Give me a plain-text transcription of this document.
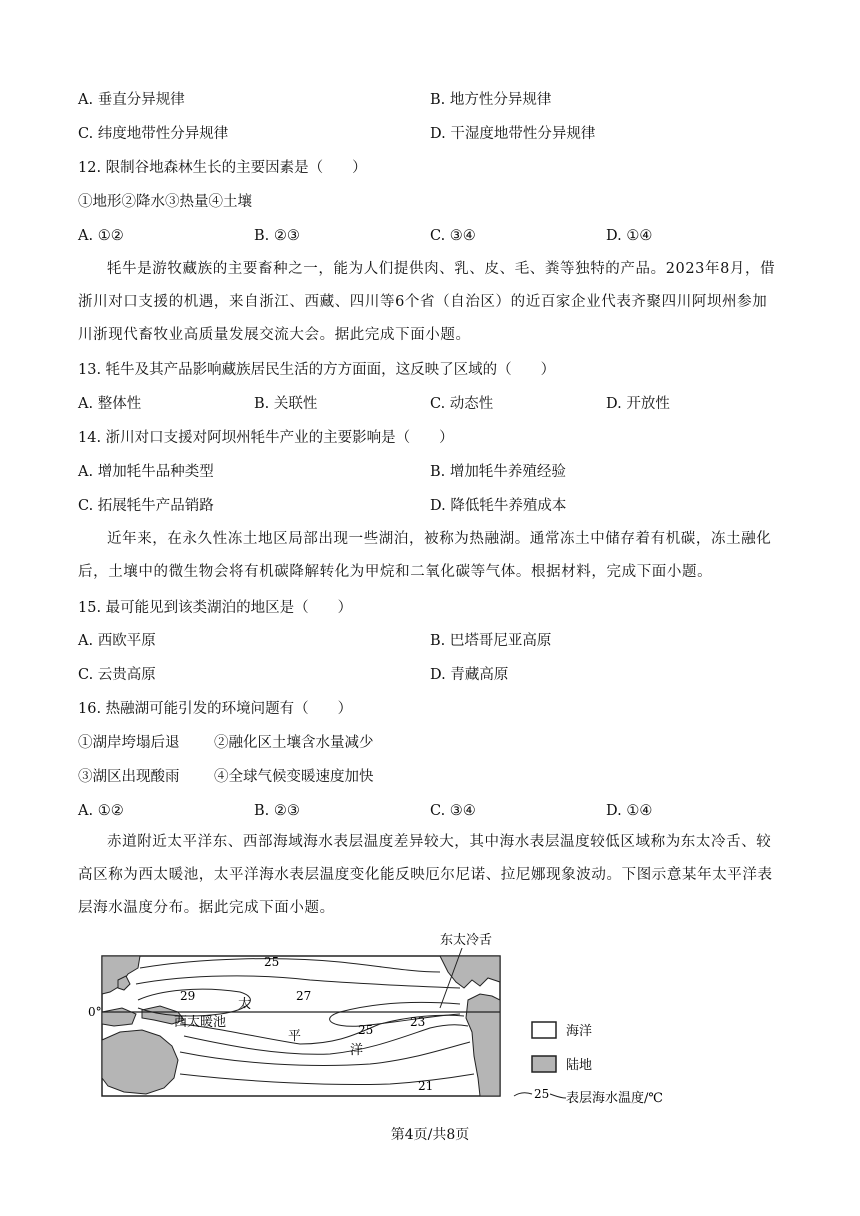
A. 垂直分异规律	B. 地方性分异规律
C. 纬度地带性分异规律	D. 干湿度地带性分异规律
12. 限制谷地森林生长的主要因素是（　　）
①地形②降水③热量④土壤
A. ①②	B. ②③	C. ③④	D. ①④
牦牛是游牧藏族的主要畜种之一，能为人们提供肉、乳、皮、毛、粪等独特的产品。2023年8月，借浙川对口支援的机遇，来自浙江、西藏、四川等6个省（自治区）的近百家企业代表齐聚四川阿坝州参加川浙现代畜牧业高质量发展交流大会。据此完成下面小题。
13. 牦牛及其产品影响藏族居民生活的方方面面，这反映了区域的（　　）
A. 整体性	B. 关联性	C. 动态性	D. 开放性
14. 浙川对口支援对阿坝州牦牛产业的主要影响是（　　）
A. 增加牦牛品种类型	B. 增加牦牛养殖经验
C. 拓展牦牛产品销路	D. 降低牦牛养殖成本
近年来，在永久性冻土地区局部出现一些湖泊，被称为热融湖。通常冻土中储存着有机碳，冻土融化后，土壤中的微生物会将有机碳降解转化为甲烷和二氧化碳等气体。根据材料，完成下面小题。
15. 最可能见到该类湖泊的地区是（　　）
A. 西欧平原	B. 巴塔哥尼亚高原
C. 云贵高原	D. 青藏高原
16. 热融湖可能引发的环境问题有（　　）
①湖岸垮塌后退 ②融化区土壤含水量减少
③湖区出现酸雨 ④全球气候变暖速度加快
A. ①②	B. ②③	C. ③④	D. ①④
赤道附近太平洋东、西部海域海水表层温度差异较大，其中海水表层温度较低区域称为东太冷舌、较高区称为西太暖池，太平洋海水表层温度变化能反映厄尔尼诺、拉尼娜现象波动。下图示意某年太平洋表层海水温度分布。据此完成下面小题。
0°
25
27
29
23
25
21
太
平
洋
西太暖池
东太冷舌
海洋
陆地
25 表层海水温度/℃
第4页/共8页
